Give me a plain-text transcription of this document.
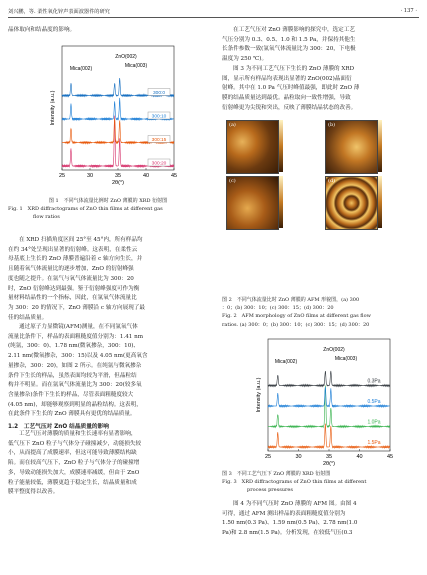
刘兴鹏，等. 柔性氧化锌声表面波器件的研究	· 137 ·

晶体取向和结晶度的影响。

25	30	35	40	45
2θ(°)
Intensity (a.u.)
300:20
300:15
300:10
300:0
Mica(002)
ZnO(002)
Mica(003)

图 1　不同气体流量比例时 ZnO 薄膜的 XRD 衍射图

Fig. 1　XRD diffractograms of ZnO thin films at different gas

flow ratios

在 XRD 扫描角度区间 25°至 45°内，所有样品均

在约 34°处呈现出显著的衍射峰。这表明，在柔性云

母基底上生长的 ZnO 薄膜普遍沿着 c 轴方向生长，并

且随着氧气体流量比的逐步增加，ZnO 的衍射峰强

度也随之提升。在氩气与氧气体流量比为 300：20

时，ZnO 衍射峰达到最强。鉴于衍射峰强度可作为衡

量材料结晶性的一个指标，因此，在氩氧气体流量比

为 300：20 的情况下，ZnO 薄膜沿 c 轴方向展现了最

佳的结晶质量。

通过原子力显微镜(AFM)测量，在不同氩氧气体

流量比条件下，样品的表面粗糙度值分别为：1.41 nm

(纯氩，300：0)、1.78 nm(微氧掺杂，300：10)、

2.11 nm(微氧掺杂，300：15)以及 4.05 nm(更高氧含

量掺杂，300：20)，如图 2 所示。在纯氩与微氧掺杂

条件下生长的样品，虽然表面均较为平滑，但晶粒结

构并不明显。而在氩氧气体流量比为 300：20(较多氧

含量掺杂)条件下生长的样品，尽管表面粗糙度较大

(4.05 nm)，却能够观察到明显的晶粒结构。这表明，

在此条件下生长的 ZnO 薄膜具有更优的结晶质量。

1.2　工艺气压对 ZnO 结晶质量的影响

工艺气压对薄膜的质量和生长速率有显著影响，

低气压下 ZnO 粒子与气体分子碰撞减少，动能损失较

小，从而提高了成膜速率，但这可能导致薄膜结构缺

陷。而在较高气压下，ZnO 粒子与气体分子的碰撞增

多，导致动能损失加大，成膜速率减缓，但由于 ZnO

粒子能量较低，薄膜更趋于稳定生长，结晶质量和成

膜平整度得以改善。

在工艺气压对 ZnO 薄膜影响的探究中，选定工艺

气压分别为 0.3、0.5、1.0 和 1.5 Pa，并保持其他生

长条件参数一致(氩氧气体流量比为 300：20，下电极

温度为 250 ℃)。

图 3 为不同工艺气压下生长的 ZnO 薄膜的 XRD

图，显示所有样品均表现出显著的 ZnO(002)晶面衍

射峰。其中在 1.0 Pa 气压时峰值最强，即此时 ZnO 薄

膜的结晶质量达到最优。晶粒取向一致性增强，导致

衍射峰更为尖锐和突出，反映了薄膜结晶状态的改善。

(a)	(b)
(c)	(d)

图 2　不同气体流量比时 ZnO 薄膜的 AFM 形貌图，(a) 300

：0；(b) 300：10；(c) 300：15；(d) 300：20

Fig. 2　AFM morphology of ZnO films at different gas flow

ratios. (a) 300：0；(b) 300：10；(c) 300：15；(d) 300：20

25	30	35	40	45
2θ(°)
Intensity (a.u.)
1.5Pa
1.0Pa
0.5Pa
0.3Pa
Mica(002)
ZnO(002)
Mica(003)

图 3　不同工艺气压下 ZnO 薄膜的 XRD 衍射图

Fig. 3　XRD diffractograms of ZnO thin films at different

process pressures

图 4 为不同气压时 ZnO 薄膜的 AFM 图。由图 4

可得，通过 AFM 测出样品的表面粗糙度值分别为

1.50 nm(0.3 Pa)、1.59 nm(0.5 Pa)、2.78 nm(1.0

Pa)和 2.8 nm(1.5 Pa)。分析发现，在较低气压(0.3
